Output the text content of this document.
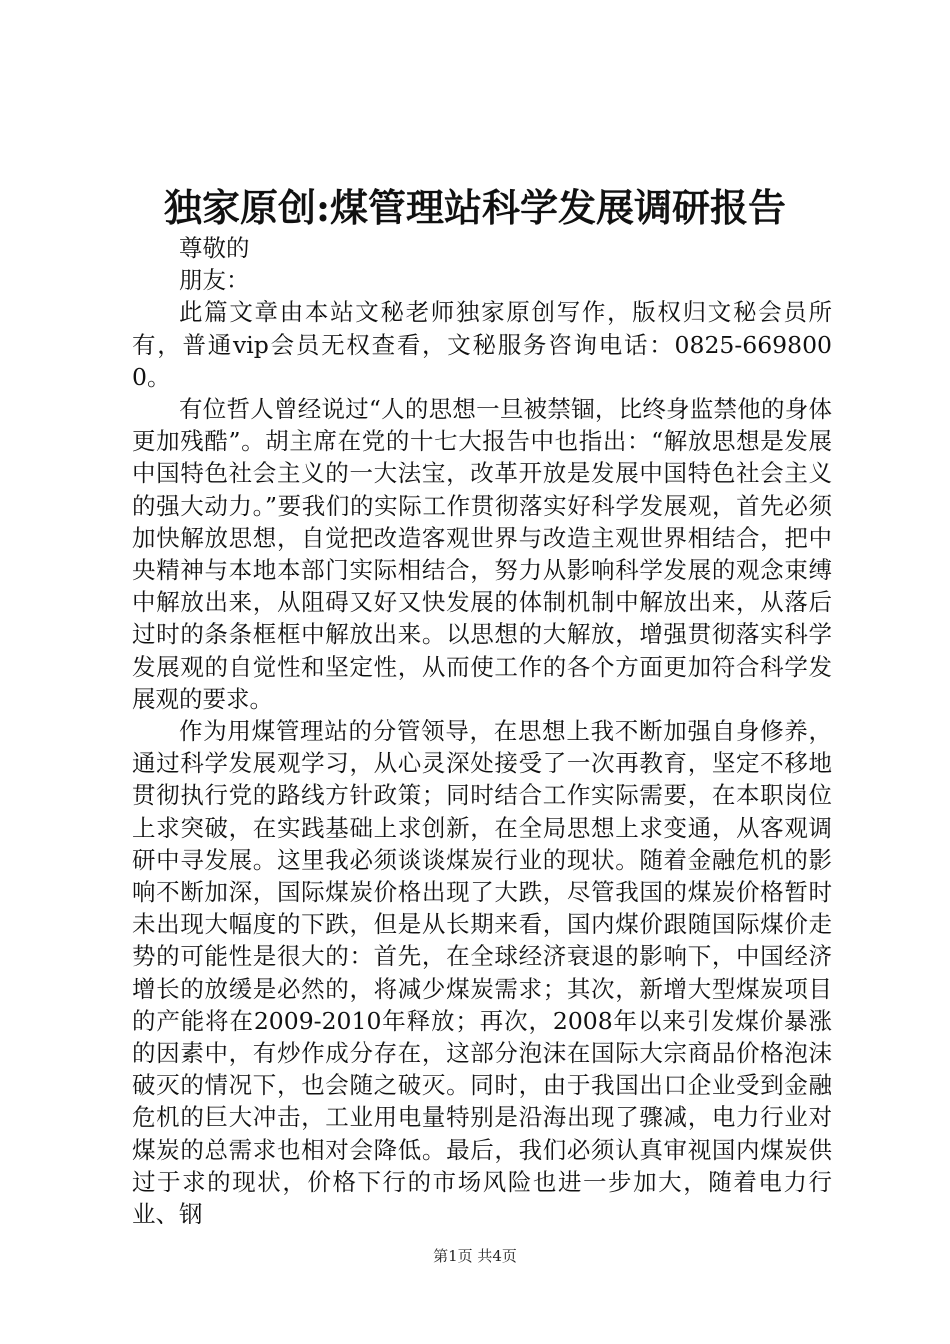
独家原创:煤管理站科学发展调研报告

尊敬的

朋友：

此篇文章由本站文秘老师独家原创写作，版权归文秘会员所有，普通vip会员无权查看，文秘服务咨询电话：0825-6698000。

有位哲人曾经说过“人的思想一旦被禁锢，比终身监禁他的身体更加残酷”。胡主席在党的十七大报告中也指出：“解放思想是发展中国特色社会主义的一大法宝，改革开放是发展中国特色社会主义的强大动力。”要我们的实际工作贯彻落实好科学发展观，首先必须加快解放思想，自觉把改造客观世界与改造主观世界相结合，把中央精神与本地本部门实际相结合，努力从影响科学发展的观念束缚中解放出来，从阻碍又好又快发展的体制机制中解放出来，从落后过时的条条框框中解放出来。以思想的大解放，增强贯彻落实科学发展观的自觉性和坚定性，从而使工作的各个方面更加符合科学发展观的要求。

作为用煤管理站的分管领导，在思想上我不断加强自身修养，通过科学发展观学习，从心灵深处接受了一次再教育，坚定不移地贯彻执行党的路线方针政策；同时结合工作实际需要，在本职岗位上求突破，在实践基础上求创新，在全局思想上求变通，从客观调研中寻发展。这里我必须谈谈煤炭行业的现状。随着金融危机的影响不断加深，国际煤炭价格出现了大跌，尽管我国的煤炭价格暂时未出现大幅度的下跌，但是从长期来看，国内煤价跟随国际煤价走势的可能性是很大的：首先，在全球经济衰退的影响下，中国经济增长的放缓是必然的，将减少煤炭需求；其次，新增大型煤炭项目的产能将在2009-2010年释放；再次，2008年以来引发煤价暴涨的因素中，有炒作成分存在，这部分泡沫在国际大宗商品价格泡沫破灭的情况下，也会随之破灭。同时，由于我国出口企业受到金融危机的巨大冲击，工业用电量特别是沿海出现了骤减，电力行业对煤炭的总需求也相对会降低。最后，我们必须认真审视国内煤炭供过于求的现状，价格下行的市场风险也进一步加大，随着电力行业、钢

第1页 共4页
